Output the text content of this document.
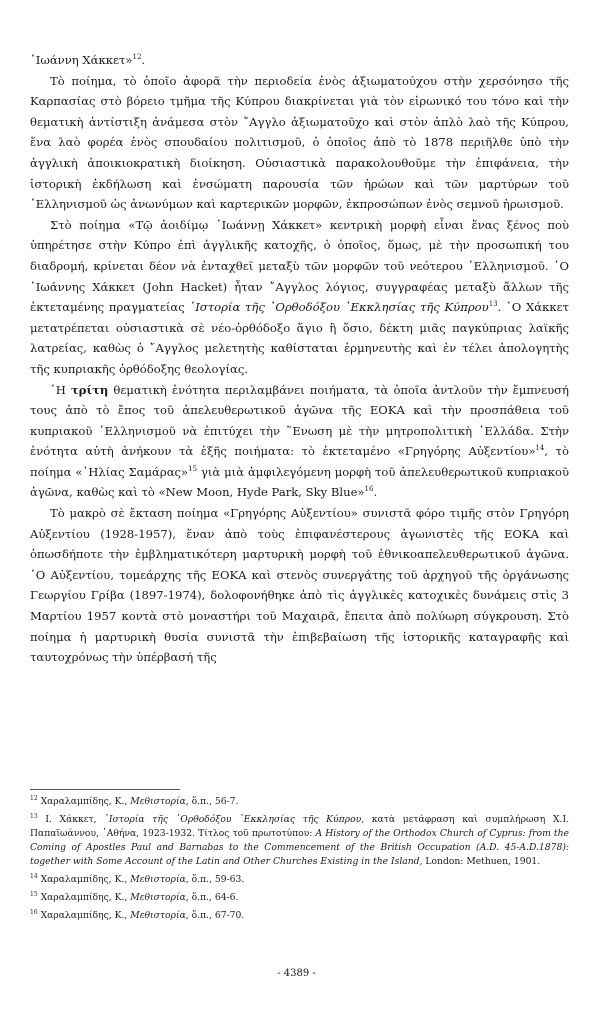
῾Ιωάννη Χάκκετ»$^{12}$.

Τὸ ποίημα, τὸ ὁποῖο ἀφορᾶ τὴν περιοδεία ἑνὸς ἀξιωματούχου στὴν χερσόνησο τῆς Καρπασίας στὸ βόρειο τμῆμα τῆς Κύπρου διακρίνεται γιὰ τὸν εἰρωνικό του τόνο καὶ τὴν θεματικὴ ἀντίστιξη ἀνάμεσα στὸν ῎Αγγλο ἀξιωματοῦχο καὶ στὸν ἁπλὸ λαὸ τῆς Κύπρου, ἕνα λαὸ φορέα ἑνὸς σπουδαίου πολιτισμοῦ, ὁ ὁποῖος ἀπὸ τὸ 1878 περιῆλθε ὑπὸ τὴν ἀγγλικὴ ἀποικιοκρατικὴ διοίκηση. Οὐσιαστικὰ παρακολουθοῦμε τὴν ἐπιφάνεια, τὴν ἱστορικὴ ἐκδήλωση καὶ ἐνσώματη παρουσία τῶν ἡρώων καὶ τῶν μαρτύρων τοῦ ῾Ελληνισμοῦ ὡς ἀνωνύμων καὶ καρτερικῶν μορφῶν, ἐκπροσώπων ἑνὸς σεμνοῦ ἡρωισμοῦ.

Στὸ ποίημα «Τῷ ἀοιδίμῳ ῾Ιωάννῃ Χάκκετ» κεντρικὴ μορφὴ εἶναι ἕνας ξένος ποὺ ὑπηρέτησε στὴν Κύπρο ἐπὶ ἀγγλικῆς κατοχῆς, ὁ ὁποῖος, ὅμως, μὲ τὴν προσωπική του διαδρομή, κρίνεται δέον νὰ ἐνταχθεῖ μεταξὺ τῶν μορφῶν τοῦ νεότερου ῾Ελληνισμοῦ. ῾Ο ῾Ιωάννης Χάκκετ (John Hacket) ἦταν ῎Αγγλος λόγιος, συγγραφέας μεταξὺ ἄλλων τῆς ἐκτεταμένης πραγματείας ῾Ιστορία τῆς ᾿Ορθοδόξου ᾿Εκκλησίας τῆς Κύπρου$^{13}$. ῾Ο Χάκκετ μετατρέπεται οὐσιαστικὰ σὲ νέο-ὀρθόδοξο ἅγιο ἢ ὅσιο, δέκτη μιᾶς παγκύπριας λαϊκῆς λατρείας, καθὼς ὁ ῎Αγγλος μελετητὴς καθίσταται ἑρμηνευτὴς καὶ ἐν τέλει ἀπολογητὴς τῆς κυπριακῆς ὀρθόδοξης θεολογίας.

῾Η τρίτη θεματικὴ ἑνότητα περιλαμβάνει ποιήματα, τὰ ὁποῖα ἀντλοῦν τὴν ἔμπνευσή τους ἀπὸ τὸ ἔπος τοῦ ἀπελευθερωτικοῦ ἀγῶνα τῆς ΕΟΚΑ καὶ τὴν προσπάθεια τοῦ κυπριακοῦ ῾Ελληνισμοῦ νὰ ἐπιτύχει τὴν ῞Ενωση μὲ τὴν μητροπολιτικὴ ῾Ελλάδα. Στὴν ἑνότητα αὐτὴ ἀνήκουν τὰ ἑξῆς ποιήματα: τὸ ἐκτεταμένο «Γρηγόρης Αὐξεντίου»$^{14}$, τὸ ποίημα «῾Ηλίας Σαμάρας»$^{15}$ γιὰ μιὰ ἀμφιλεγόμενη μορφὴ τοῦ ἀπελευθερωτικοῦ κυπριακοῦ ἀγῶνα, καθὼς καὶ τὸ «New Moon, Hyde Park, Sky Blue»$^{16}$.

Τὸ μακρὸ σὲ ἔκταση ποίημα «Γρηγόρης Αὐξεντίου» συνιστᾶ φόρο τιμῆς στὸν Γρηγόρη Αὐξεντίου (1928-1957), ἕναν ἀπὸ τοὺς ἐπιφανέστερους ἀγωνιστὲς τῆς ΕΟΚΑ καὶ ὁπωσδήποτε τὴν ἐμβληματικότερη μαρτυρικὴ μορφὴ τοῦ ἐθνικοαπελευθερωτικοῦ ἀγῶνα. ῾Ο Αὐξεντίου, τομεάρχης τῆς ΕΟΚΑ καὶ στενὸς συνεργάτης τοῦ ἀρχηγοῦ τῆς ὀργάνωσης Γεωργίου Γρίβα (1897-1974), δολοφονήθηκε ἀπὸ τὶς ἀγγλικὲς κατοχικὲς δυνάμεις στὶς 3 Μαρτίου 1957 κοντὰ στὸ μοναστήρι τοῦ Μαχαιρᾶ, ἔπειτα ἀπὸ πολύωρη σύγκρουση. Στὸ ποίημα ἡ μαρτυρικὴ θυσία συνιστᾶ τὴν ἐπιβεβαίωση τῆς ἱστορικῆς καταγραφῆς καὶ ταυτοχρόνως τὴν ὑπέρβασή τῆς

$^{12}$ Χαραλαμπίδης, Κ., Μεθιστορία, ὅ.π., 56-7.

$^{13}$ Ι. Χάκκετ, ῾Ιστορία τῆς ᾿Ορθοδόξου ᾿Εκκλησίας τῆς Κύπρου, κατὰ μετάφραση καὶ συμπλήρωση Χ.Ι. Παπαϊωάννου, ᾿Αθήνα, 1923-1932. Τίτλος τοῦ πρωτοτύπου: A History of the Orthodox Church of Cyprus: from the Coming of Apostles Paul and Barnabas to the Commencement of the British Occupation (A.D. 45-A.D.1878): together with Some Account of the Latin and Other Churches Existing in the Island, London: Methuen, 1901.

$^{14}$ Χαραλαμπίδης, Κ., Μεθιστορία, ὅ.π., 59-63.

$^{15}$ Χαραλαμπίδης, Κ., Μεθιστορία, ὅ.π., 64-6.

$^{16}$ Χαραλαμπίδης, Κ., Μεθιστορία, ὅ.π., 67-70.

- 4389 -
